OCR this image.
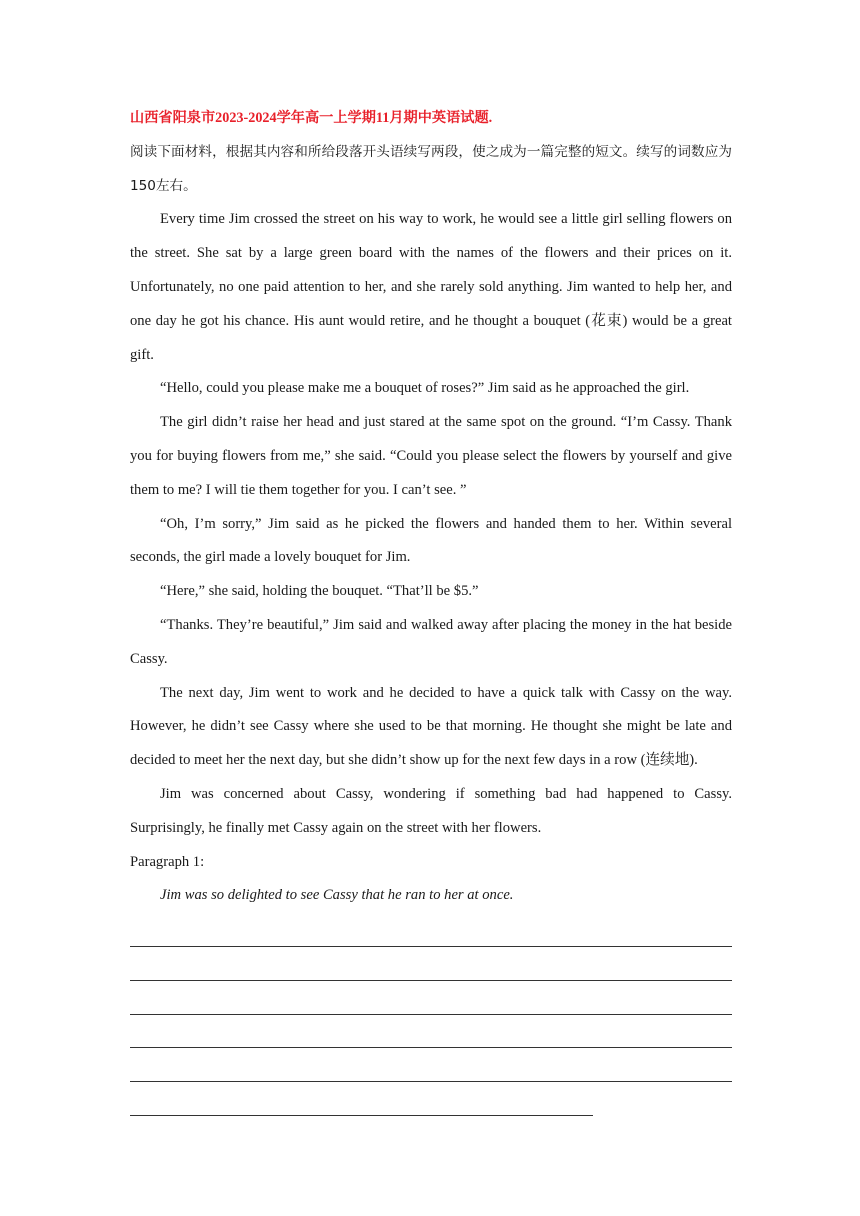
山西省阳泉市2023-2024学年高一上学期11月期中英语试题.

阅读下面材料，根据其内容和所给段落开头语续写两段，使之成为一篇完整的短文。续写的词数应为150左右。

Every time Jim crossed the street on his way to work, he would see a little girl selling flowers on the street. She sat by a large green board with the names of the flowers and their prices on it. Unfortunately, no one paid attention to her, and she rarely sold anything. Jim wanted to help her, and one day he got his chance. His aunt would retire, and he thought a bouquet (花束) would be a great gift.

“Hello, could you please make me a bouquet of roses?” Jim said as he approached the girl.

The girl didn’t raise her head and just stared at the same spot on the ground. “I’m Cassy. Thank you for buying flowers from me,” she said. “Could you please select the flowers by yourself and give them to me? I will tie them together for you. I can’t see. ”

“Oh, I’m sorry,” Jim said as he picked the flowers and handed them to her. Within several seconds, the girl made a lovely bouquet for Jim.

“Here,” she said, holding the bouquet. “That’ll be $5.”

“Thanks. They’re beautiful,” Jim said and walked away after placing the money in the hat beside Cassy.

The next day, Jim went to work and he decided to have a quick talk with Cassy on the way. However, he didn’t see Cassy where she used to be that morning. He thought she might be late and decided to meet her the next day, but she didn’t show up for the next few days in a row (连续地).

Jim was concerned about Cassy, wondering if something bad had happened to Cassy. Surprisingly, he finally met Cassy again on the street with her flowers.

Paragraph 1:

Jim was so delighted to see Cassy that he ran to her at once.
